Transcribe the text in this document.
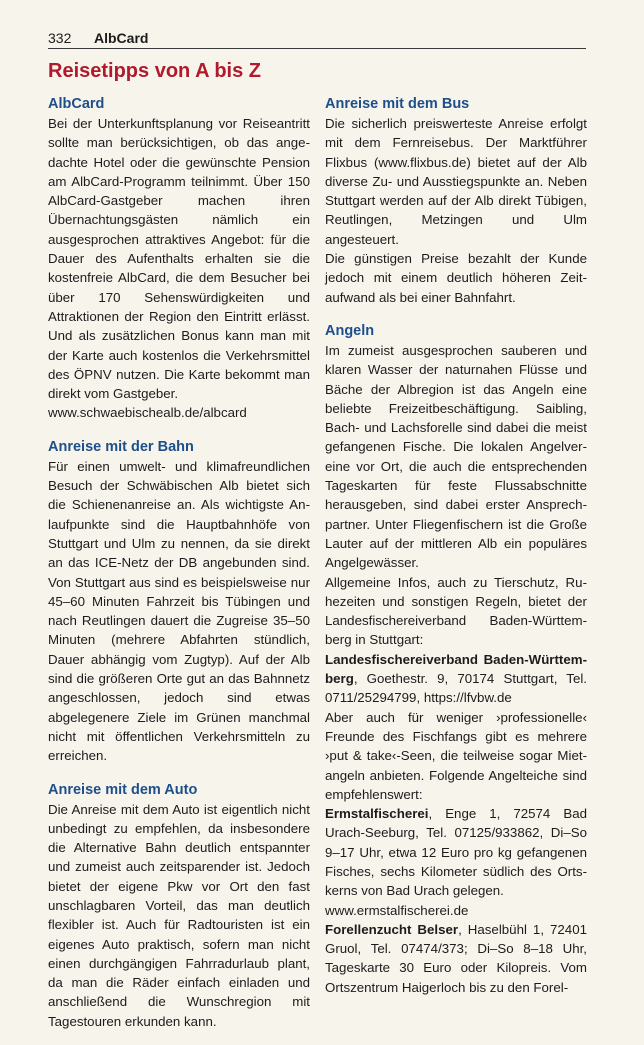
332 AlbCard
Reisetipps von A bis Z
AlbCard

Bei der Unterkunftsplanung vor Reiseantritt sollte man berücksichtigen, ob das angedachte Hotel oder die gewünschte Pension am AlbCard-Programm teilnimmt. Über 150 AlbCard-Gastgeber machen ihren Übernachtungsgästen nämlich ein ausgesprochen attraktives Angebot: für die Dauer des Aufenthalts erhalten sie die kostenfreie AlbCard, die dem Besucher bei über 170 Sehenswürdigkeiten und Attraktionen der Region den Eintritt erlässt. Und als zusätzlichen Bonus kann man mit der Karte auch kostenlos die Verkehrsmittel des ÖPNV nutzen. Die Karte bekommt man direkt vom Gastgeber.

www.schwaebischealb.de/albcard

Anreise mit der Bahn

Für einen umwelt- und klimafreundlichen Besuch der Schwäbischen Alb bietet sich die Schienenanreise an. Als wichtigste Anlaufpunkte sind die Hauptbahnhöfe von Stuttgart und Ulm zu nennen, da sie direkt an das ICE-Netz der DB angebunden sind. Von Stuttgart aus sind es beispielsweise nur 45–60 Minuten Fahrzeit bis Tübingen und nach Reutlingen dauert die Zugreise 35–50 Minuten (mehrere Abfahrten stündlich, Dauer abhängig vom Zugtyp). Auf der Alb sind die größeren Orte gut an das Bahnnetz angeschlossen, jedoch sind etwas abgelegenere Ziele im Grünen manchmal nicht mit öffentlichen Verkehrsmitteln zu erreichen.

Anreise mit dem Auto

Die Anreise mit dem Auto ist eigentlich nicht unbedingt zu empfehlen, da insbesondere die Alternative Bahn deutlich entspannter und zumeist auch zeitsparender ist. Jedoch bietet der eigene Pkw vor Ort den fast unschlagbaren Vorteil, das man deutlich flexibler ist. Auch für Radtouristen ist ein eigenes Auto praktisch, sofern man nicht einen durchgängigen Fahrradurlaub plant, da man die Räder einfach einladen und anschließend die Wunschregion mit Tagestouren erkunden kann.

Anreise mit dem Bus

Die sicherlich preiswerteste Anreise erfolgt mit dem Fernreisebus. Der Marktführer Flixbus (www.flixbus.de) bietet auf der Alb diverse Zu- und Ausstiegspunkte an. Neben Stuttgart werden auf der Alb direkt Tübigen, Reutlingen, Metzingen und Ulm angesteuert.

Die günstigen Preise bezahlt der Kunde jedoch mit einem deutlich höheren Zeitaufwand als bei einer Bahnfahrt.

Angeln

Im zumeist ausgesprochen sauberen und klaren Wasser der naturnahen Flüsse und Bäche der Albregion ist das Angeln eine beliebte Freizeitbeschäftigung. Saibling, Bach- und Lachsforelle sind dabei die meist gefangenen Fische. Die lokalen Angelvereine vor Ort, die auch die entsprechenden Tageskarten für feste Flussabschnitte herausgeben, sind dabei erster Ansprechpartner. Unter Fliegenfischern ist die Große Lauter auf der mittleren Alb ein populäres Angelgewässer.

Allgemeine Infos, auch zu Tierschutz, Ruhezeiten und sonstigen Regeln, bietet der Landesfischereiverband Baden-Württemberg in Stuttgart:

Landesfischereiverband Baden-Württemberg, Goethestr. 9, 70174 Stuttgart, Tel. 0711/25294799, https://lfvbw.de

Aber auch für weniger ›professionelle‹ Freunde des Fischfangs gibt es mehrere ›put & take‹-Seen, die teilweise sogar Mietangeln anbieten. Folgende Angelteiche sind empfehlenswert:

Ermstalfischerei, Enge 1, 72574 Bad Urach-Seeburg, Tel. 07125/933862, Di–So 9–17 Uhr, etwa 12 Euro pro kg gefangenen Fisches, sechs Kilometer südlich des Ortskerns von Bad Urach gelegen.

www.ermstalfischerei.de

Forellenzucht Belser, Haselbühl 1, 72401 Gruol, Tel. 07474/373; Di–So 8–18 Uhr, Tageskarte 30 Euro oder Kilopreis. Vom Ortszentrum Haigerloch bis zu den Forel-
